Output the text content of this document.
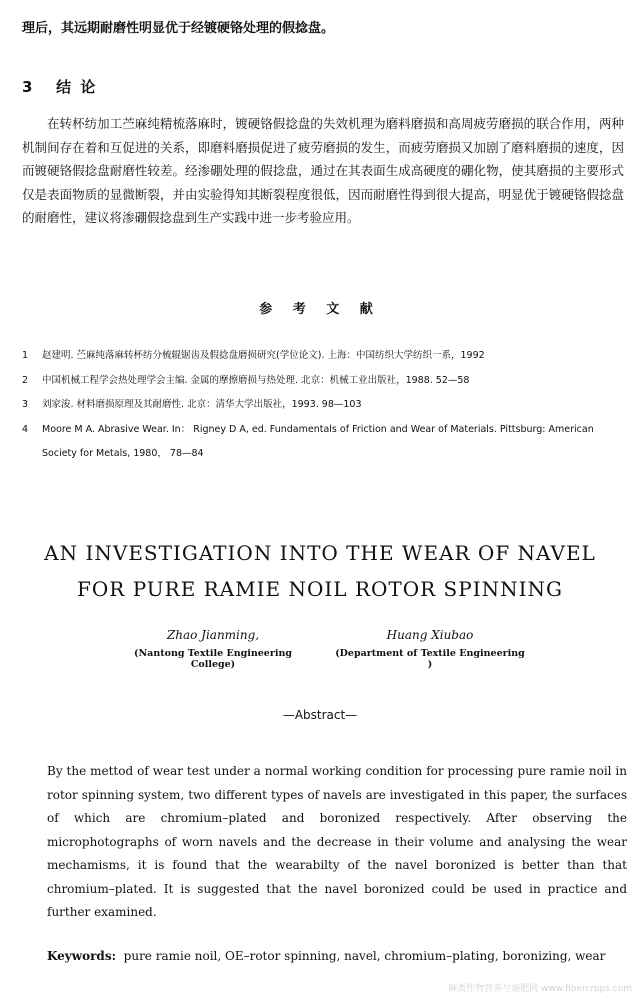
理后，其远期耐磨性明显优于经镀硬铬处理的假捻盘。
3 结 论
在转杯纺加工苎麻纯精梳落麻时，镀硬铬假捻盘的失效机理为磨料磨损和高周疲劳磨损的联合作用，两种机制间存在着和互促进的关系，即磨料磨损促进了疲劳磨损的发生，而疲劳磨损又加剧了磨料磨损的速度，因而镀硬铬假捻盘耐磨性较差。经渗硼处理的假捻盘，通过在其表面生成高硬度的硼化物，使其磨损的主要形式仅是表面物质的显微断裂，并由实验得知其断裂程度很低，因而耐磨性得到很大提高，明显优于镀硬铬假捻盘的耐磨性，建议将渗硼假捻盘到生产实践中进一步考验应用。
参 考 文 献
1	赵建明. 苎麻纯落麻转杯纺分梳辊锯齿及假捻盘磨损研究(学位论文). 上海：中国纺织大学纺织一系，1992
2	中国机械工程学会热处理学会主编. 金属的摩擦磨损与热处理. 北京：机械工业出版社，1988. 52—58
3	刘家浚. 材料磨损原理及其耐磨性. 北京：清华大学出版社，1993. 98—103
4	Moore M A. Abrasive Wear. In： Rigney D A, ed. Fundamentals of Friction and Wear of Materials. Pittsburg: American Society for Metals, 1980， 78—84
AN INVESTIGATION INTO THE WEAR OF NAVEL
FOR PURE RAMIE NOIL ROTOR SPINNING
Zhao Jianming,
(Nantong Textile Engineering College)
Huang Xiubao
(Department of Textile Engineering )
—Abstract—
By the mettod of wear test under a normal working condition for processing pure ramie noil in rotor spinning system, two different types of navels are investigated in this paper, the surfaces of which are chromium–plated and boronized respectively. After observing the microphotographs of worn navels and the decrease in their volume and analysing the wear mechamisms, it is found that the wearabilty of the navel boronized is better than that chromium–plated. It is suggested that the navel boronized could be used in practice and further examined.
Keywords: pure ramie noil, OE–rotor spinning, navel, chromium–plating, boronizing, wear
麻类作物营养与施肥网 www.fibercrops.com
